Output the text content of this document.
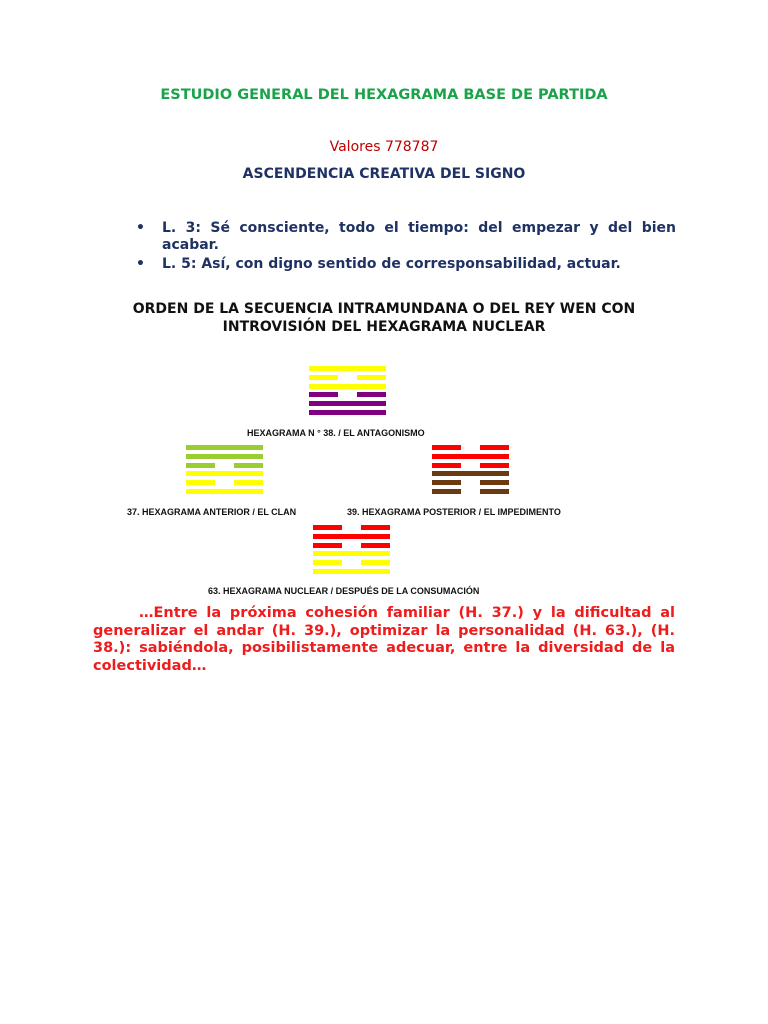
ESTUDIO GENERAL DEL HEXAGRAMA BASE DE PARTIDA
Valores 778787
ASCENDENCIA CREATIVA DEL SIGNO
• L. 3: Sé consciente, todo el tiempo: del empezar y del bien acabar.
• L. 5: Así, con digno sentido de corresponsabilidad, actuar.
ORDEN DE LA SECUENCIA INTRAMUNDANA O DEL REY WEN CON
INTROVISIÓN DEL HEXAGRAMA NUCLEAR
HEXAGRAMA N ° 38. / EL ANTAGONISMO
37. HEXAGRAMA ANTERIOR / EL CLAN	39. HEXAGRAMA POSTERIOR / EL IMPEDIMENTO
63. HEXAGRAMA NUCLEAR / DESPUÉS DE LA CONSUMACIÓN
…Entre la próxima cohesión familiar (H. 37.) y la dificultad al generalizar el andar (H. 39.), optimizar la personalidad (H. 63.), (H. 38.): sabiéndola, posibilistamente adecuar, entre la diversidad de la colectividad…
